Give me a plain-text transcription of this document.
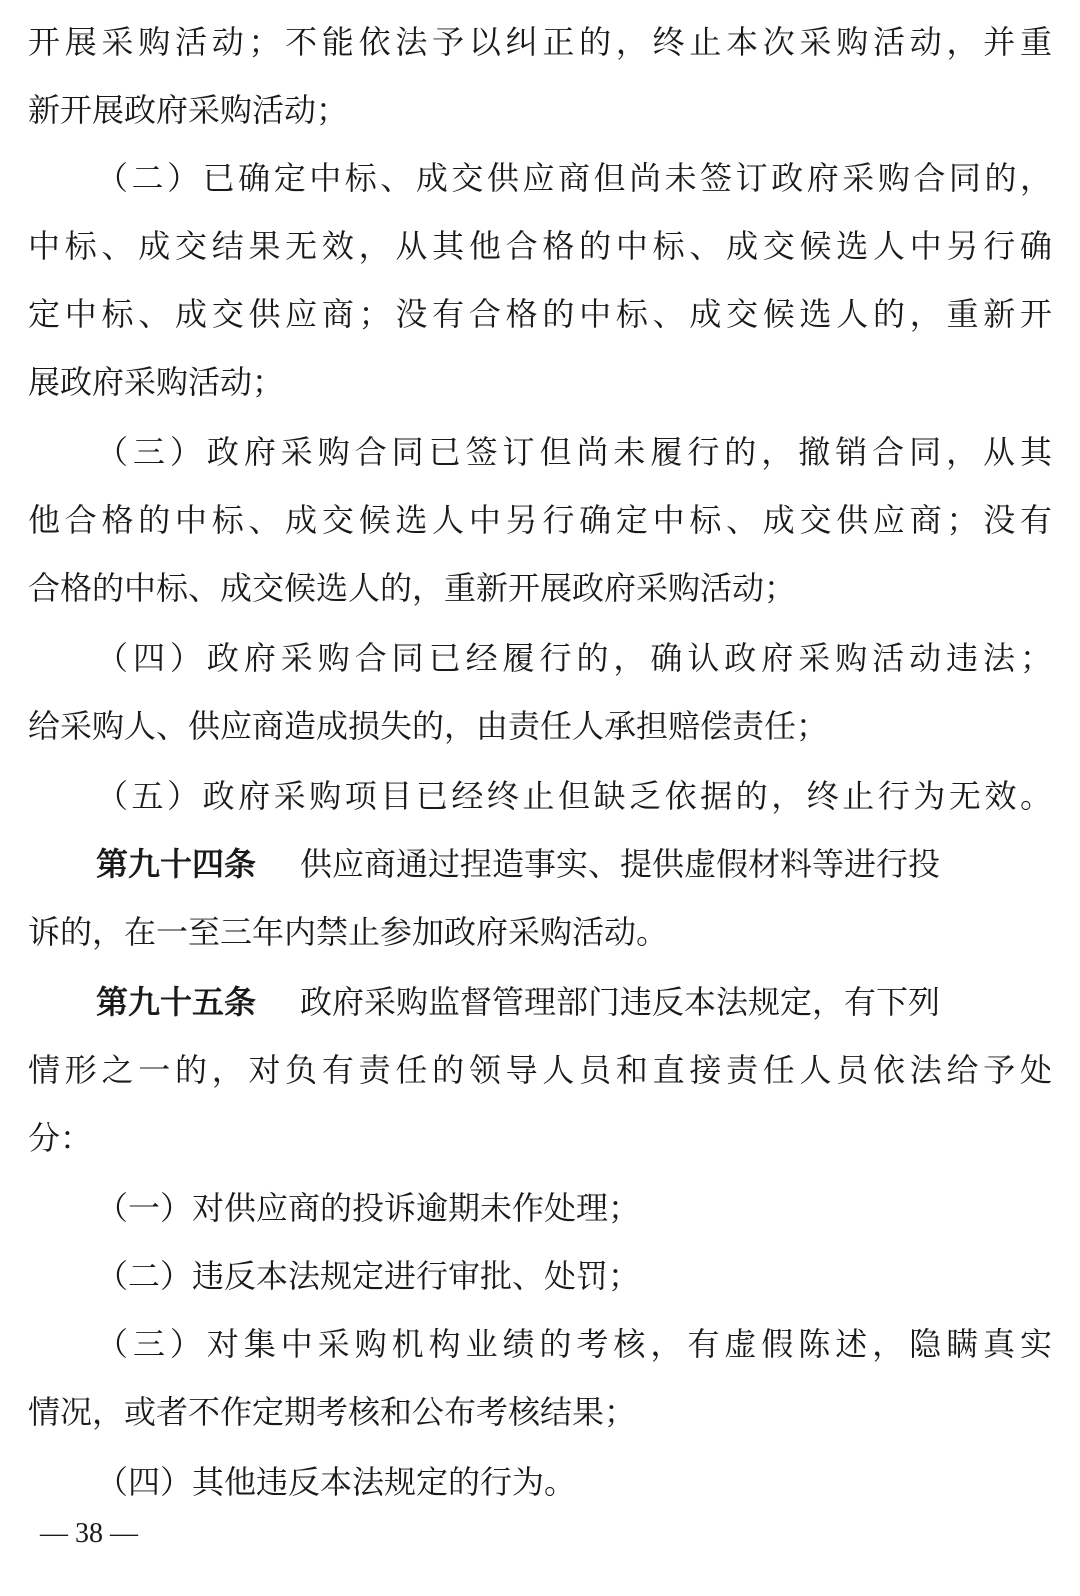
开展采购活动；不能依法予以纠正的，终止本次采购活动，并重
新开展政府采购活动；
（二）已确定中标、成交供应商但尚未签订政府采购合同的，
中标、成交结果无效，从其他合格的中标、成交候选人中另行确
定中标、成交供应商；没有合格的中标、成交候选人的，重新开
展政府采购活动；
（三）政府采购合同已签订但尚未履行的，撤销合同，从其
他合格的中标、成交候选人中另行确定中标、成交供应商；没有
合格的中标、成交候选人的，重新开展政府采购活动；
（四）政府采购合同已经履行的，确认政府采购活动违法；
给采购人、供应商造成损失的，由责任人承担赔偿责任；
（五）政府采购项目已经终止但缺乏依据的，终止行为无效。
第九十四条 供应商通过捏造事实、提供虚假材料等进行投
诉的，在一至三年内禁止参加政府采购活动。
第九十五条 政府采购监督管理部门违反本法规定，有下列
情形之一的，对负有责任的领导人员和直接责任人员依法给予处
分：
（一）对供应商的投诉逾期未作处理；
（二）违反本法规定进行审批、处罚；
（三）对集中采购机构业绩的考核，有虚假陈述，隐瞒真实
情况，或者不作定期考核和公布考核结果；
（四）其他违反本法规定的行为。
— 38 —
